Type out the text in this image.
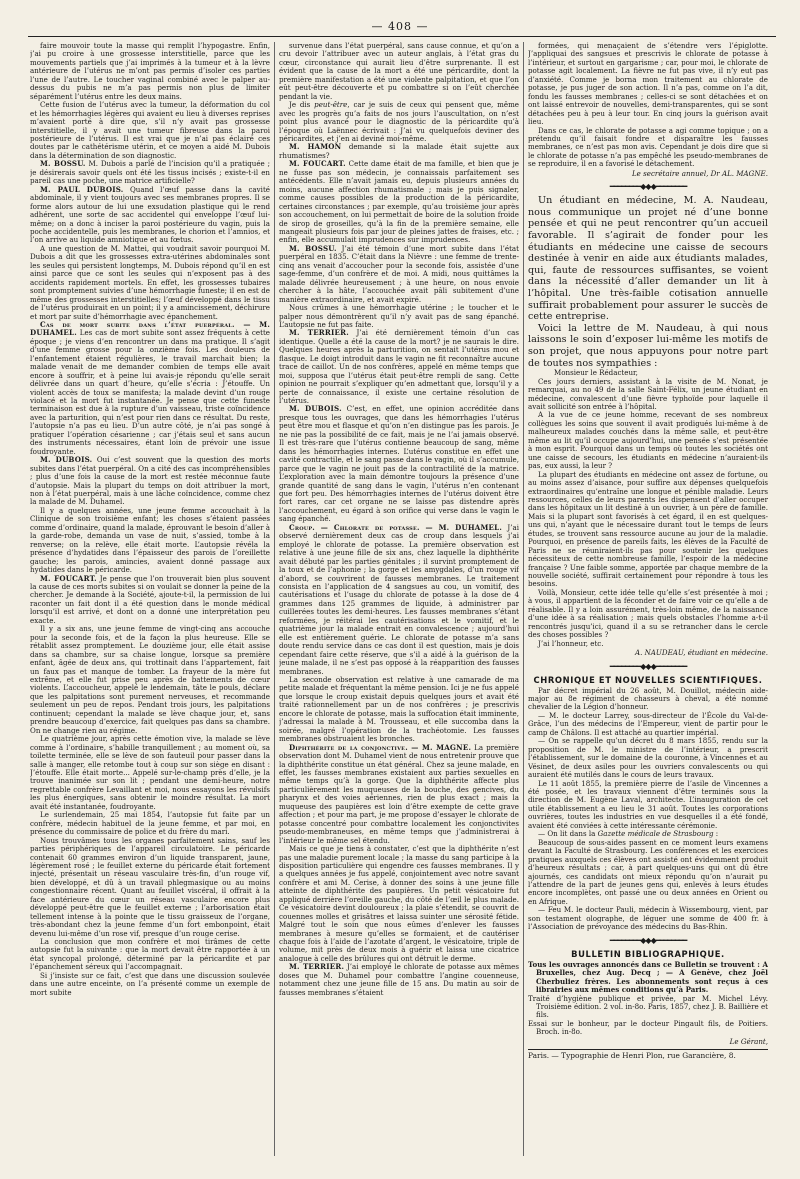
— 408 —

faire mouvoir toute la masse qui remplit l’hypogastre. Enfin, j’ai pu croire à une grossesse interstitielle, parce que les mouvements partiels que j’ai imprimés à la tumeur et à la lèvre antérieure de l’utérus ne m’ont pas permis d’isoler ces parties l’une de l’autre. Le toucher vaginal combiné avec le palper au-dessus du pubis ne m’a pas permis non plus de limiter séparément l’utérus entre les deux mains.

Cette fusion de l’utérus avec la tumeur, la déformation du col et les hémorrhagies légères qui avaient eu lieu à diverses reprises m’avaient porté à dire que, s’il n’y avait pas grossesse interstitielle, il y avait une tumeur fibreuse dans la paroi postérieure de l’utérus. Il est vrai que je n’ai pas éclairé ces doutes par le cathétérisme utérin, et ce moyen a aidé M. Dubois dans la détermination de son diagnostic.

M. BOSSU. M. Dubois a parlé de l’incision qu’il a pratiquée ; je désirerais savoir quels ont été les tissus incisés ; existe-t-il en pareil cas une poche, une matrice artificielle?

M. PAUL DUBOIS. Quand l’œuf passe dans la cavité abdominale, il y vient toujours avec ses membranes propres. Il se forme alors autour de lui une exsudation plastique qui le rend adhérent, une sorte de sac accidentel qui enveloppe l’œuf lui-même; on a donc à inciser la paroi postérieure du vagin, puis la poche accidentelle, puis les membranes, le chorion et l’amnios, et l’on arrive au liquide amniotique et au fœtus.

A une question de M. Mattei, qui voudrait savoir pourquoi M. Dubois a dit que les grossesses extra-utérines abdominales sont les seules qui persistent longtemps, M. Dubois répond qu’il en est ainsi parce que ce sont les seules qui n’exposent pas à des accidents rapidement mortels. En effet, les grossesses tubaires sont promptement suivies d’une hémorrhagie funeste; il en est de même des grossesses interstitielles; l’œuf développé dans le tissu de l’utérus produirait en un point; il y a amincissement, déchirure et mort par suite d’hémorrhagie avec épanchement.

Cas de mort subite dans l’état puerpéral. — M. DUHAMEL. Les cas de mort subite sont assez fréquents à cette époque ; je viens d’en rencontrer un dans ma pratique. Il s’agit d’une femme grosse pour la onzième fois. Les douleurs de l’enfantement étaient régulières, le travail marchait bien; la malade venait de me demander combien de temps elle avait encore à souffrir, et à peine lui avais-je répondu qu’elle serait délivrée dans un quart d’heure, qu’elle s’écria : J’étouffe. Un violent accès de toux se manifesta; la malade devint d’un rouge violacé et la mort fut instantanée. Je pense que cette funeste terminaison est due à la rupture d’un vaisseau, triste coïncidence avec la parturition, qui n’est pour rien dans ce résultat. Du reste, l’autopsie n’a pas eu lieu. D’un autre côté, je n’ai pas songé à pratiquer l’opération césarienne ; car j’étais seul et sans aucun des instruments nécessaires, étant loin de prévoir une issue foudroyante.

M. DUBOIS. Oui c’est souvent que la question des morts subites dans l’état puerpéral. On a cité des cas incompréhensibles ; plus d’une fois la cause de la mort est restée méconnue faute d’autopsie. Mais la plupart du temps on doit attribuer la mort, non à l’état puerpéral, mais à une lâche coïncidence, comme chez la malade de M. Duhamel.

Il y a quelques années, une jeune femme accouchait à la Clinique de son troisième enfant; les choses s’étaient passées comme d’ordinaire, quand la malade, éprouvant le besoin d’aller à la garde-robe, demanda un vase de nuit, s’assied, tombe à la renverse; on la relève, elle était morte. L’autopsie révéla la présence d’hydatides dans l’épaisseur des parois de l’oreillette gauche; les parois, amincies, avaient donné passage aux hydatides dans le péricarde.

M. FOUCART. Je pense que l’on trouverait bien plus souvent la cause de ces morts subites si on voulait se donner la peine de la chercher. Je demande à la Société, ajoute-t-il, la permission de lui raconter un fait dont il a été question dans le monde médical lorsqu’il est arrivé, et dont on a donné une interprétation peu exacte.

Il y a six ans, une jeune femme de vingt-cinq ans accouche pour la seconde fois, et de la façon la plus heureuse. Elle se rétablit assez promptement. Le douzième jour, elle était assise dans sa chambre, sur sa chaise longue, lorsque sa première enfant, âgée de deux ans, qui trottinait dans l’appartement, fait un faux pas et manque de tomber. La frayeur de la mère fut extrême, et elle fut prise peu après de battements de cœur violents. L’accoucheur, appelé le lendemain, tâte le pouls, déclare que les palpitations sont purement nerveuses, et recommande seulement un peu de repos. Pendant trois jours, les palpitations continuent; cependant la malade se lève chaque jour, et, sans prendre beaucoup d’exercice, fait quelques pas dans sa chambre. On ne change rien au régime.

Le quatrième jour, après cette émotion vive, la malade se lève comme à l’ordinaire, s’habille tranquillement ; au moment où, sa toilette terminée, elle se lève de son fauteuil pour passer dans la salle à manger, elle retombe tout à coup sur son siège en disant : J’étouffe. Elle était morte... Appelé sur-le-champ près d’elle, je la trouve inanimée sur son lit ; pendant une demi-heure, notre regrettable confrère Levaillant et moi, nous essayons les révulsifs les plus énergiques, sans obtenir le moindre résultat. La mort avait été instantanée, foudroyante.

Le surlendemain, 25 mai 1854, l’autopsie fut faite par un confrère, médecin habituel de la jeune femme, et par moi, en présence du commissaire de police et du frère du mari.

Nous trouvâmes tous les organes parfaitement sains, sauf les parties périphériques de l’appareil circulatoire. Le péricarde contenait 60 grammes environ d’un liquide transparent, jaune, légèrement rosé ; le feuillet externe du péricarde était fortement injecté, présentait un réseau vasculaire très-fin, d’un rouge vif, bien développé, et dû à un travail phlegmasique ou au moins congestionnaire récent. Quant au feuillet viscéral, il offrait à la face antérieure du cœur un réseau vasculaire encore plus développé peut-être que le feuillet externe ; l’arborisation était tellement intense à la pointe que le tissu graisseux de l’organe, très-abondant chez la jeune femme d’un fort embonpoint, était devenu lui-même d’un rose vif, presque d’un rouge cerise.

La conclusion que mon confrère et moi tirâmes de cette autopsie fut la suivante : que la mort devait être rapportée à un état syncopal prolongé, déterminé par la péricardite et par l’épanchement séreux qui l’accompagnait.

Si j’insiste sur ce fait, c’est que dans une discussion soulevée dans une autre enceinte, on l’a présenté comme un exemple de mort subite

survenue dans l’état puerpéral, sans cause connue, et qu’on a cru devoir l’attribuer avec un auteur anglais, à l’état gras du cœur, circonstance qui aurait lieu d’être surprenante. Il est évident que la cause de la mort a été une péricardite, dont la première manifestation a été une violente palpitation, et que l’on eût peut-être découverte et pu combattre si on l’eût cherchée pendant la vie.

Je dis peut-être, car je suis de ceux qui pensent que, même avec les progrès qu’a faits de nos jours l’auscultation, on n’est point plus avancé pour le diagnostic de la péricardite qu’à l’époque où Laënnec écrivait : J’ai vu quelquefois deviner des péricardites, et j’en ai deviné moi-même.

M. HAMON demande si la malade était sujette aux rhumatismes?

M. FOUCART. Cette dame était de ma famille, et bien que je ne fusse pas son médecin, je connaissais parfaitement ses antécédents. Elle n’avait jamais eu, depuis plusieurs années du moins, aucune affection rhumatismale ; mais je puis signaler, comme causes possibles de la production de la péricardite, certaines circonstances ; par exemple, qu’au troisième jour après son accouchement, on lui permettait de boire de la solution froide de sirop de groseilles, qu’à la fin de la première semaine, elle mangeait plusieurs fois par jour de pleines jattes de fraises, etc. ; enfin, elle accumulait imprudences sur imprudences.

M. BOSSU. J’ai été témoin d’une mort subite dans l’état puerpéral en 1835. C’était dans la Nièvre : une femme de trente-cinq ans venait d’accoucher pour la seconde fois, assistée d’une sage-femme, d’un confrère et de moi. A midi, nous quittâmes la malade délivrée heureusement ; à une heure, on nous envoie chercher à la hâte, l’accouchée avait pâli subitement d’une manière extraordinaire, et avait expiré.

Nous crûmes à une hémorrhagie utérine ; le toucher et le palper nous démontrèrent qu’il n’y avait pas de sang épanché. L’autopsie ne fut pas faite.

M. TERRIER. J’ai été dernièrement témoin d’un cas identique. Quelle a été la cause de la mort? je ne saurais le dire. Quelques heures après la parturition, on sentait l’utérus mou et flasque. Le doigt introduit dans le vagin ne fit reconnaître aucune trace de caillot. Un de nos confrères, appelé en même temps que moi, supposa que l’utérus était peut-être rempli de sang. Cette opinion ne pourrait s’expliquer qu’en admettant que, lorsqu’il y a perte de connaissance, il existe une certaine résolution de l’utérus.

M. DUBOIS. C’est, en effet, une opinion accréditée dans presque tous les ouvrages, que dans les hémorrhagies l’utérus peut être mou et flasque et qu’on n’en distingue pas les parois. Je ne nie pas la possibilité de ce fait, mais je ne l’ai jamais observé. Il est très-rare que l’utérus contienne beaucoup de sang, même dans les hémorrhagies internes. L’utérus constitue en effet une cavité contractile, et le sang passe dans le vagin, où il s’accumule, parce que le vagin ne jouit pas de la contractilité de la matrice. L’exploration avec la main démontre toujours la présence d’une grande quantité de sang dans le vagin, l’utérus n’en contenant que fort peu. Des hémorrhagies internes de l’utérus doivent être fort rares, car cet organe ne se laisse pas distendre après l’accouchement, eu égard à son orifice qui verse dans le vagin le sang épanché.

Croup. — Chlorate de potasse. — M. DUHAMEL. J’ai observé dernièrement deux cas de croup dans lesquels j’ai employé le chlorate de potasse. La première observation est relative à une jeune fille de six ans, chez laquelle la diphthérite avait débuté par les parties génitales ; il survint promptement de la toux et de l’aphonie ; la gorge et les amygdales, d’un rouge vif d’abord, se couvrirent de fausses membranes. Le traitement consista en l’application de 4 sangsues au cou, un vomitif, des cautérisations et l’usage du chlorate de potasse à la dose de 4 grammes dans 125 grammes de liquide, à administrer par cuillerées toutes les demi-heures. Les fausses membranes s’étant reformées, je réitérai les cautérisations et le vomitif, et le quatrième jour la malade entrait en convalescence ; aujourd’hui elle est entièrement guérie. Le chlorate de potasse m’a sans doute rendu service dans ce cas dont il est question, mais je dois cependant faire cette réserve, que s’il a aidé à la guérison de la jeune malade, il ne s’est pas opposé à la réapparition des fausses membranes.

La seconde observation est relative à une camarade de ma petite malade et fréquentant la même pension. Ici je ne fus appelé que lorsque le croup existait depuis quelques jours et avait été traité rationnellement par un de nos confrères ; je prescrivis encore le chlorate de potasse, mais la suffocation était imminente, j’adressai la malade à M. Trousseau, et elle succomba dans la soirée, malgré l’opération de la trachéotomie. Les fausses membranes obstruaient les bronches.

Diphthérite de la conjonctive. — M. MAGNE. La première observation dont M. Duhamel vient de nous entretenir prouve que la diphthérite constitue un état général. Chez sa jeune malade, en effet, les fausses membranes existaient aux parties sexuelles en même temps qu’à la gorge. Que la diphthérite affecte plus particulièrement les muqueuses de la bouche, des gencives, du pharynx et des voies aériennes, rien de plus exact ; mais la muqueuse des paupières est loin d’être exempte de cette grave affection ; et pour ma part, je me propose d’essayer le chlorate de potasse concentré pour combattre localement les conjonctivites pseudo-membraneuses, en même temps que j’administrerai à l’intérieur le même sel étendu.

Mais ce que je tiens à constater, c’est que la diphthérite n’est pas une maladie purement locale ; la masse du sang participe à la disposition particulière qui engendre ces fausses membranes. Il y a quelques années je fus appelé, conjointement avec notre savant confrère et ami M. Cerise, à donner des soins à une jeune fille atteinte de diphthérite des paupières. Un petit vésicatoire fut appliqué derrière l’oreille gauche, du côté de l’œil le plus malade. Ce vésicatoire devint douloureux ; la plaie s’étendit, se couvrit de couennes molles et grisâtres et laissa suinter une sérosité fétide. Malgré tout le soin que nous eûmes d’enlever les fausses membranes à mesure qu’elles se formaient, et de cautériser chaque fois à l’aide de l’azotate d’argent, le vésicatoire, triple de volume, mit près de deux mois à guérir et laissa une cicatrice analogue à celle des brûlures qui ont détruit le derme.

M. TERRIER. J’ai employé le chlorate de potasse aux mêmes doses que M. Duhamel pour combattre l’angine couenneuse, notamment chez une jeune fille de 15 ans. Du matin au soir de fausses membranes s’étaient

formées, qui menaçaient de s’étendre vers l’épiglotte. J’appliquai des sangsues et prescrivis le chlorate de potasse à l’intérieur, et surtout en gargarisme ; car, pour moi, le chlorate de potasse agit localement. La fièvre ne fut pas vive, il n’y eut pas d’anxiété. Comme je borna mon traitement au chlorate de potasse, je pus juger de son action. Il n’a pas, comme on l’a dit, fondu les fausses membranes ; celles-ci se sont détachées et on ont laissé entrevoir de nouvelles, demi-transparentes, qui se sont détachées peu à peu à leur tour. En cinq jours la guérison avait lieu.

Dans ce cas, le chlorate de potasse a agi comme topique ; on a prétendu qu’il faisait fondre et disparaître les fausses membranes, ce n’est pas mon avis. Cependant je dois dire que si le chlorate de potasse n’a pas empêché les pseudo-membranes de se reproduire, il en a favorisé le détachement.

Le secrétaire annuel, Dr AL. MAGNE.
━━━━━━━━◆◆◆━━━━━━━━

Un étudiant en médecine, M. A. Naudeau, nous communique un projet né d’une bonne pensée et qui ne peut rencontrer qu’un accueil favorable. Il s’agirait de fonder pour les étudiants en médecine une caisse de secours destinée à venir en aide aux étudiants malades, qui, faute de ressources suffisantes, se voient dans la nécessité d’aller demander un lit à l’hôpital. Une très-faible cotisation annuelle suffirait probablement pour assurer le succès de cette entreprise.

Voici la lettre de M. Naudeau, à qui nous laissons le soin d’exposer lui-même les motifs de son projet, que nous appuyons pour notre part de toutes nos sympathies :

Monsieur le Rédacteur,

Ces jours derniers, assistant à la visite de M. Nonat, je remarquai, au no 49 de la salle Saint-Félix, un jeune étudiant en médecine, convalescent d’une fièvre typhoïde pour laquelle il avait sollicité son entrée à l’hôpital.

A la vue de ce jeune homme, recevant de ses nombreux collègues les soins que souvent il avait prodigués lui-même à de malheureux malades couchés dans la même salle, et peut-être même au lit qu’il occupe aujourd’hui, une pensée s’est présentée à mon esprit. Pourquoi dans un temps où toutes les sociétés ont une caisse de secours, les étudiants en médecine n’auraient-ils pas, eux aussi, la leur ?

La plupart des étudiants en médecine ont assez de fortune, ou au moins assez d’aisance, pour suffire aux dépenses quelquefois extraordinaires qu’entraîne une longue et pénible maladie. Leurs ressources, celles de leurs parents les dispensent d’aller occuper dans les hôpitaux un lit destiné à un ouvrier, à un père de famille. Mais si la plupart sont favorisés à cet égard, il en est quelques-uns qui, n’ayant que le nécessaire durant tout le temps de leurs études, se trouvent sans ressource aucune au jour de la maladie. Pourquoi, en présence de pareils faits, les élèves de la Faculté de Paris ne se réuniraient-ils pas pour soutenir les quelques nécessiteux de cette nombreuse famille, l’espoir de la médecine française ? Une faible somme, apportée par chaque membre de la nouvelle société, suffirait certainement pour répondre à tous les besoins.

Voilà, Monsieur, cette idée telle qu’elle s’est présentée à moi ; à vous, il appartient de la féconder et de faire voir ce qu’elle a de réalisable. Il y a loin assurément, très-loin même, de la naissance d’une idée à sa réalisation ; mais quels obstacles l’homme a-t-il rencontrés jusqu’ici, quand il a su se retrancher dans le cercle des choses possibles ?

J’ai l’honneur, etc.

A. NAUDEAU, étudiant en médecine.
━━━━━━━━◆◆◆━━━━━━━━
CHRONIQUE ET NOUVELLES SCIENTIFIQUES.

Par décret impérial du 26 août, M. Douillot, médecin aide-major au 8e régiment de chasseurs à cheval, a été nommé chevalier de la Légion d’honneur.

— M. le docteur Larrey, sous-directeur de l’École du Val-de-Grâce, l’un des médecins de l’Empereur, vient de partir pour le camp de Châlons. Il est attaché au quartier impérial.

— On se rappelle qu’un décret du 8 mars 1855, rendu sur la proposition de M. le ministre de l’intérieur, a prescrit l’établissement, sur le domaine de la couronne, à Vincennes et au Vésinet, de deux asiles pour les ouvriers convalescents ou qui auraient été mutilés dans le cours de leurs travaux.

Le 11 août 1855, la première pierre de l’asile de Vincennes a été posée, et les travaux viennent d’être terminés sous la direction de M. Eugène Laval, architecte. L’inauguration de cet utile établissement a eu lieu le 31 août. Toutes les corporations ouvrières, toutes les industries en vue desquelles il a été fondé, avaient été conviées à cette intéressante cérémonie.

— On lit dans la Gazette médicale de Strasbourg :

Beaucoup de sous-aides passent en ce moment leurs examens devant la Faculté de Strasbourg. Les conférences et les exercices pratiques auxquels ces élèves ont assisté ont évidemment produit d’heureux résultats ; car, à part quelques-uns qui ont dû être ajournés, ces candidats ont mieux répondu qu’on n’aurait pu l’attendre de la part de jeunes gens qui, enlevés à leurs études encore incomplètes, ont passé une ou deux années en Orient ou en Afrique.

— Feu M. le docteur Pauli, médecin à Wissembourg, vient, par son testament olographe, de léguer une somme de 400 fr. à l’Association de prévoyance des médecins du Bas-Rhin.

━━━━━━━━◆◆◆━━━━━━━━
BULLETIN BIBLIOGRAPHIQUE.

Tous les ouvrages annoncés dans ce Bulletin se trouvent : A Bruxelles, chez Aug. Decq ; — A Genève, chez Joël Cherbuliez frères. Les abonnements sont reçus à ces librairies aux mêmes conditions qu’à Paris.

Traité d’hygiène publique et privée, par M. Michel Lévy. Troisième édition. 2 vol. in-8o. Paris, 1857, chez J. B. Baillière et fils.

Essai sur le bonheur, par le docteur Pingault fils, de Poitiers. Broch. in-8o.

Le Gérant,

Paris. — Typographie de Henri Plon, rue Garancière, 8.
